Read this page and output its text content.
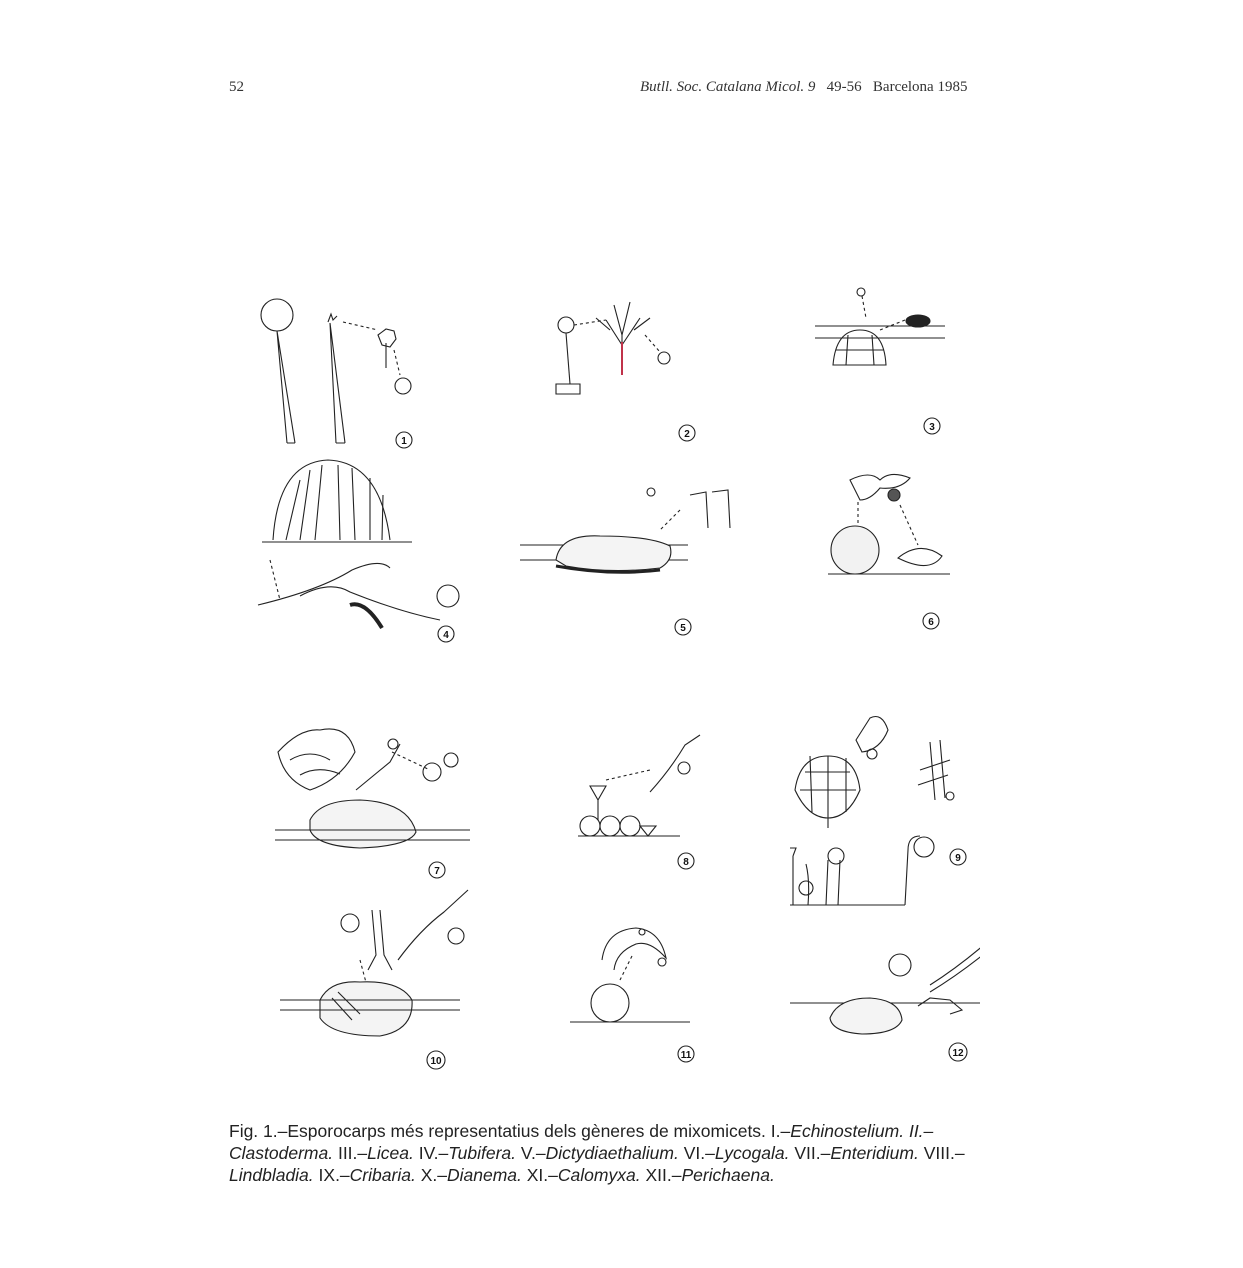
52	Butll. Soc. Catalana Micol. 9 49-56 Barcelona 1985
1
2
3
4
5
6
7
8	9
10
11	12
Fig. 1.–Esporocarps més representatius dels gèneres de mixomicets. I.–Echinostelium. II.–Clastoderma. III.–Licea. IV.–Tubifera. V.–Dictydiaethalium. VI.–Lycogala. VII.–Enteridium. VIII.–Lindbladia. IX.–Cribaria. X.–Dianema. XI.–Calomyxa. XII.–Perichaena.
